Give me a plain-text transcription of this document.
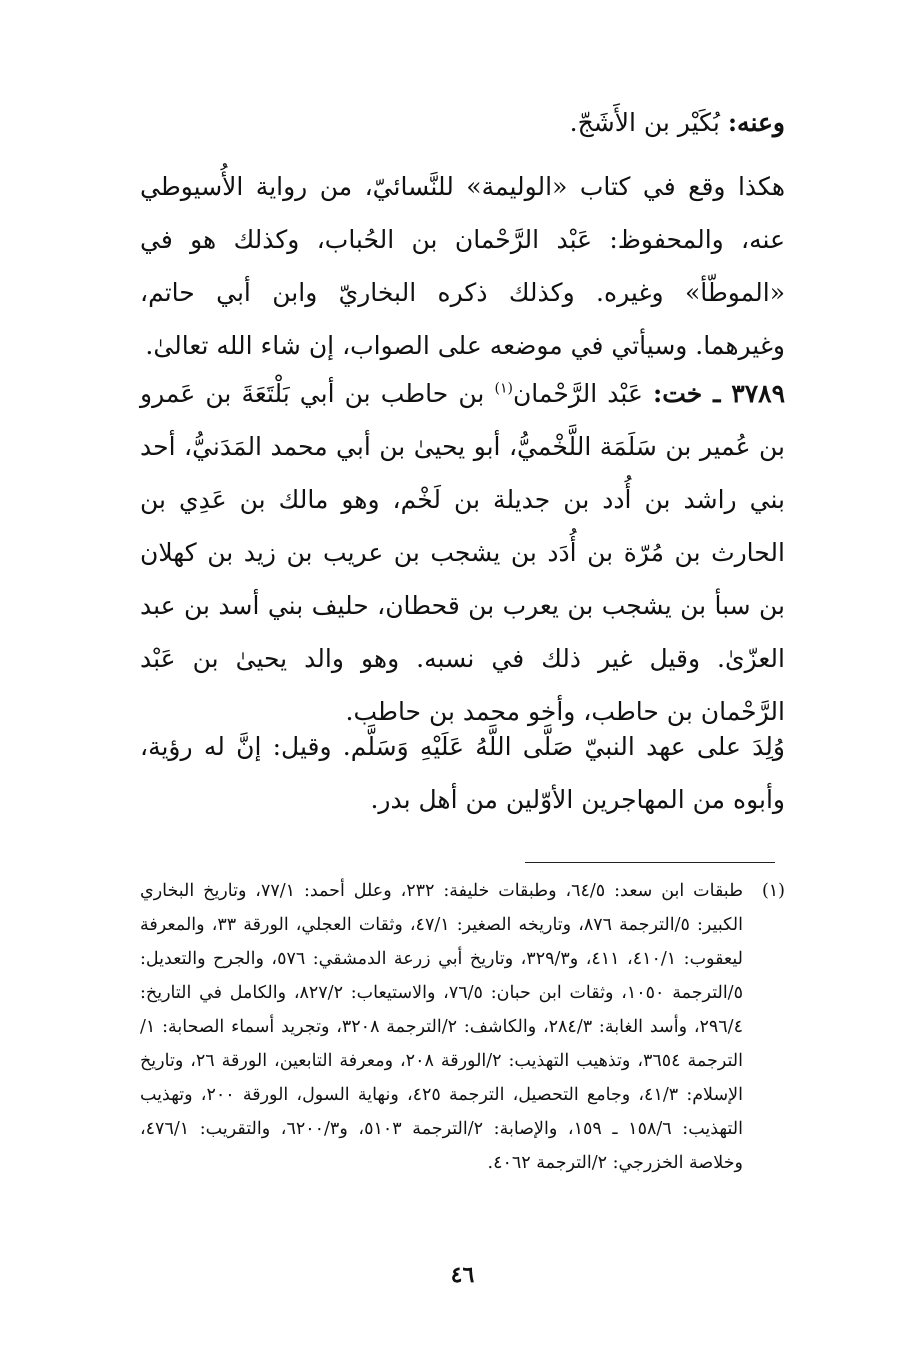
وعنه: بُكَيْر بن الأَشَجّ.

هكذا وقع في كتاب «الوليمة» للنَّسائيّ، من رواية الأُسيوطي عنه، والمحفوظ: عَبْد الرَّحْمان بن الحُباب، وكذلك هو في «الموطّأ» وغيره. وكذلك ذكره البخاريّ وابن أبي حاتم، وغيرهما. وسيأتي في موضعه على الصواب، إن شاء الله تعالىٰ.

٣٧٨٩ ـ خت: عَبْد الرَّحْمان$^{(١)}$ بن حاطب بن أبي بَلْتَعَةَ بن عَمرو بن عُمير بن سَلَمَة اللَّخْميُّ، أبو يحيىٰ بن أبي محمد المَدَنيُّ، أحد بني راشد بن أُدد بن جديلة بن لَخْم، وهو مالك بن عَدِي بن الحارث بن مُرّة بن أُدَد بن يشجب بن عريب بن زيد بن كهلان بن سبأ بن يشجب بن يعرب بن قحطان، حليف بني أسد بن عبد العزّىٰ. وقيل غير ذلك في نسبه. وهو والد يحيىٰ بن عَبْد الرَّحْمان بن حاطب، وأخو محمد بن حاطب.

وُلِدَ على عهد النبيّ صَلَّى اللَّهُ عَلَيْهِ وَسَلَّم. وقيل: إنَّ له رؤية، وأبوه من المهاجرين الأوّلين من أهل بدر.

(١)

طبقات ابن سعد: ٦٤/٥، وطبقات خليفة: ٢٣٢، وعلل أحمد: ٧٧/١، وتاريخ البخاري الكبير: ٥/الترجمة ٨٧٦، وتاريخه الصغير: ٤٧/١، وثقات العجلي، الورقة ٣٣، والمعرفة ليعقوب: ٤١٠/١، ٤١١، و٣٢٩/٣، وتاريخ أبي زرعة الدمشقي: ٥٧٦، والجرح والتعديل: ٥/الترجمة ١٠٥٠، وثقات ابن حبان: ٧٦/٥، والاستيعاب: ٨٢٧/٢، والكامل في التاريخ: ٢٩٦/٤، وأسد الغابة: ٢٨٤/٣، والكاشف: ٢/الترجمة ٣٢٠٨، وتجريد أسماء الصحابة: ١/الترجمة ٣٦٥٤، وتذهيب التهذيب: ٢/الورقة ٢٠٨، ومعرفة التابعين، الورقة ٢٦، وتاريخ الإسلام: ٤١/٣، وجامع التحصيل، الترجمة ٤٢٥، ونهاية السول، الورقة ٢٠٠، وتهذيب التهذيب: ١٥٨/٦ ـ ١٥٩، والإصابة: ٢/الترجمة ٥١٠٣، و٦٢٠٠/٣، والتقريب: ٤٧٦/١، وخلاصة الخزرجي: ٢/الترجمة ٤٠٦٢.

٤٦
